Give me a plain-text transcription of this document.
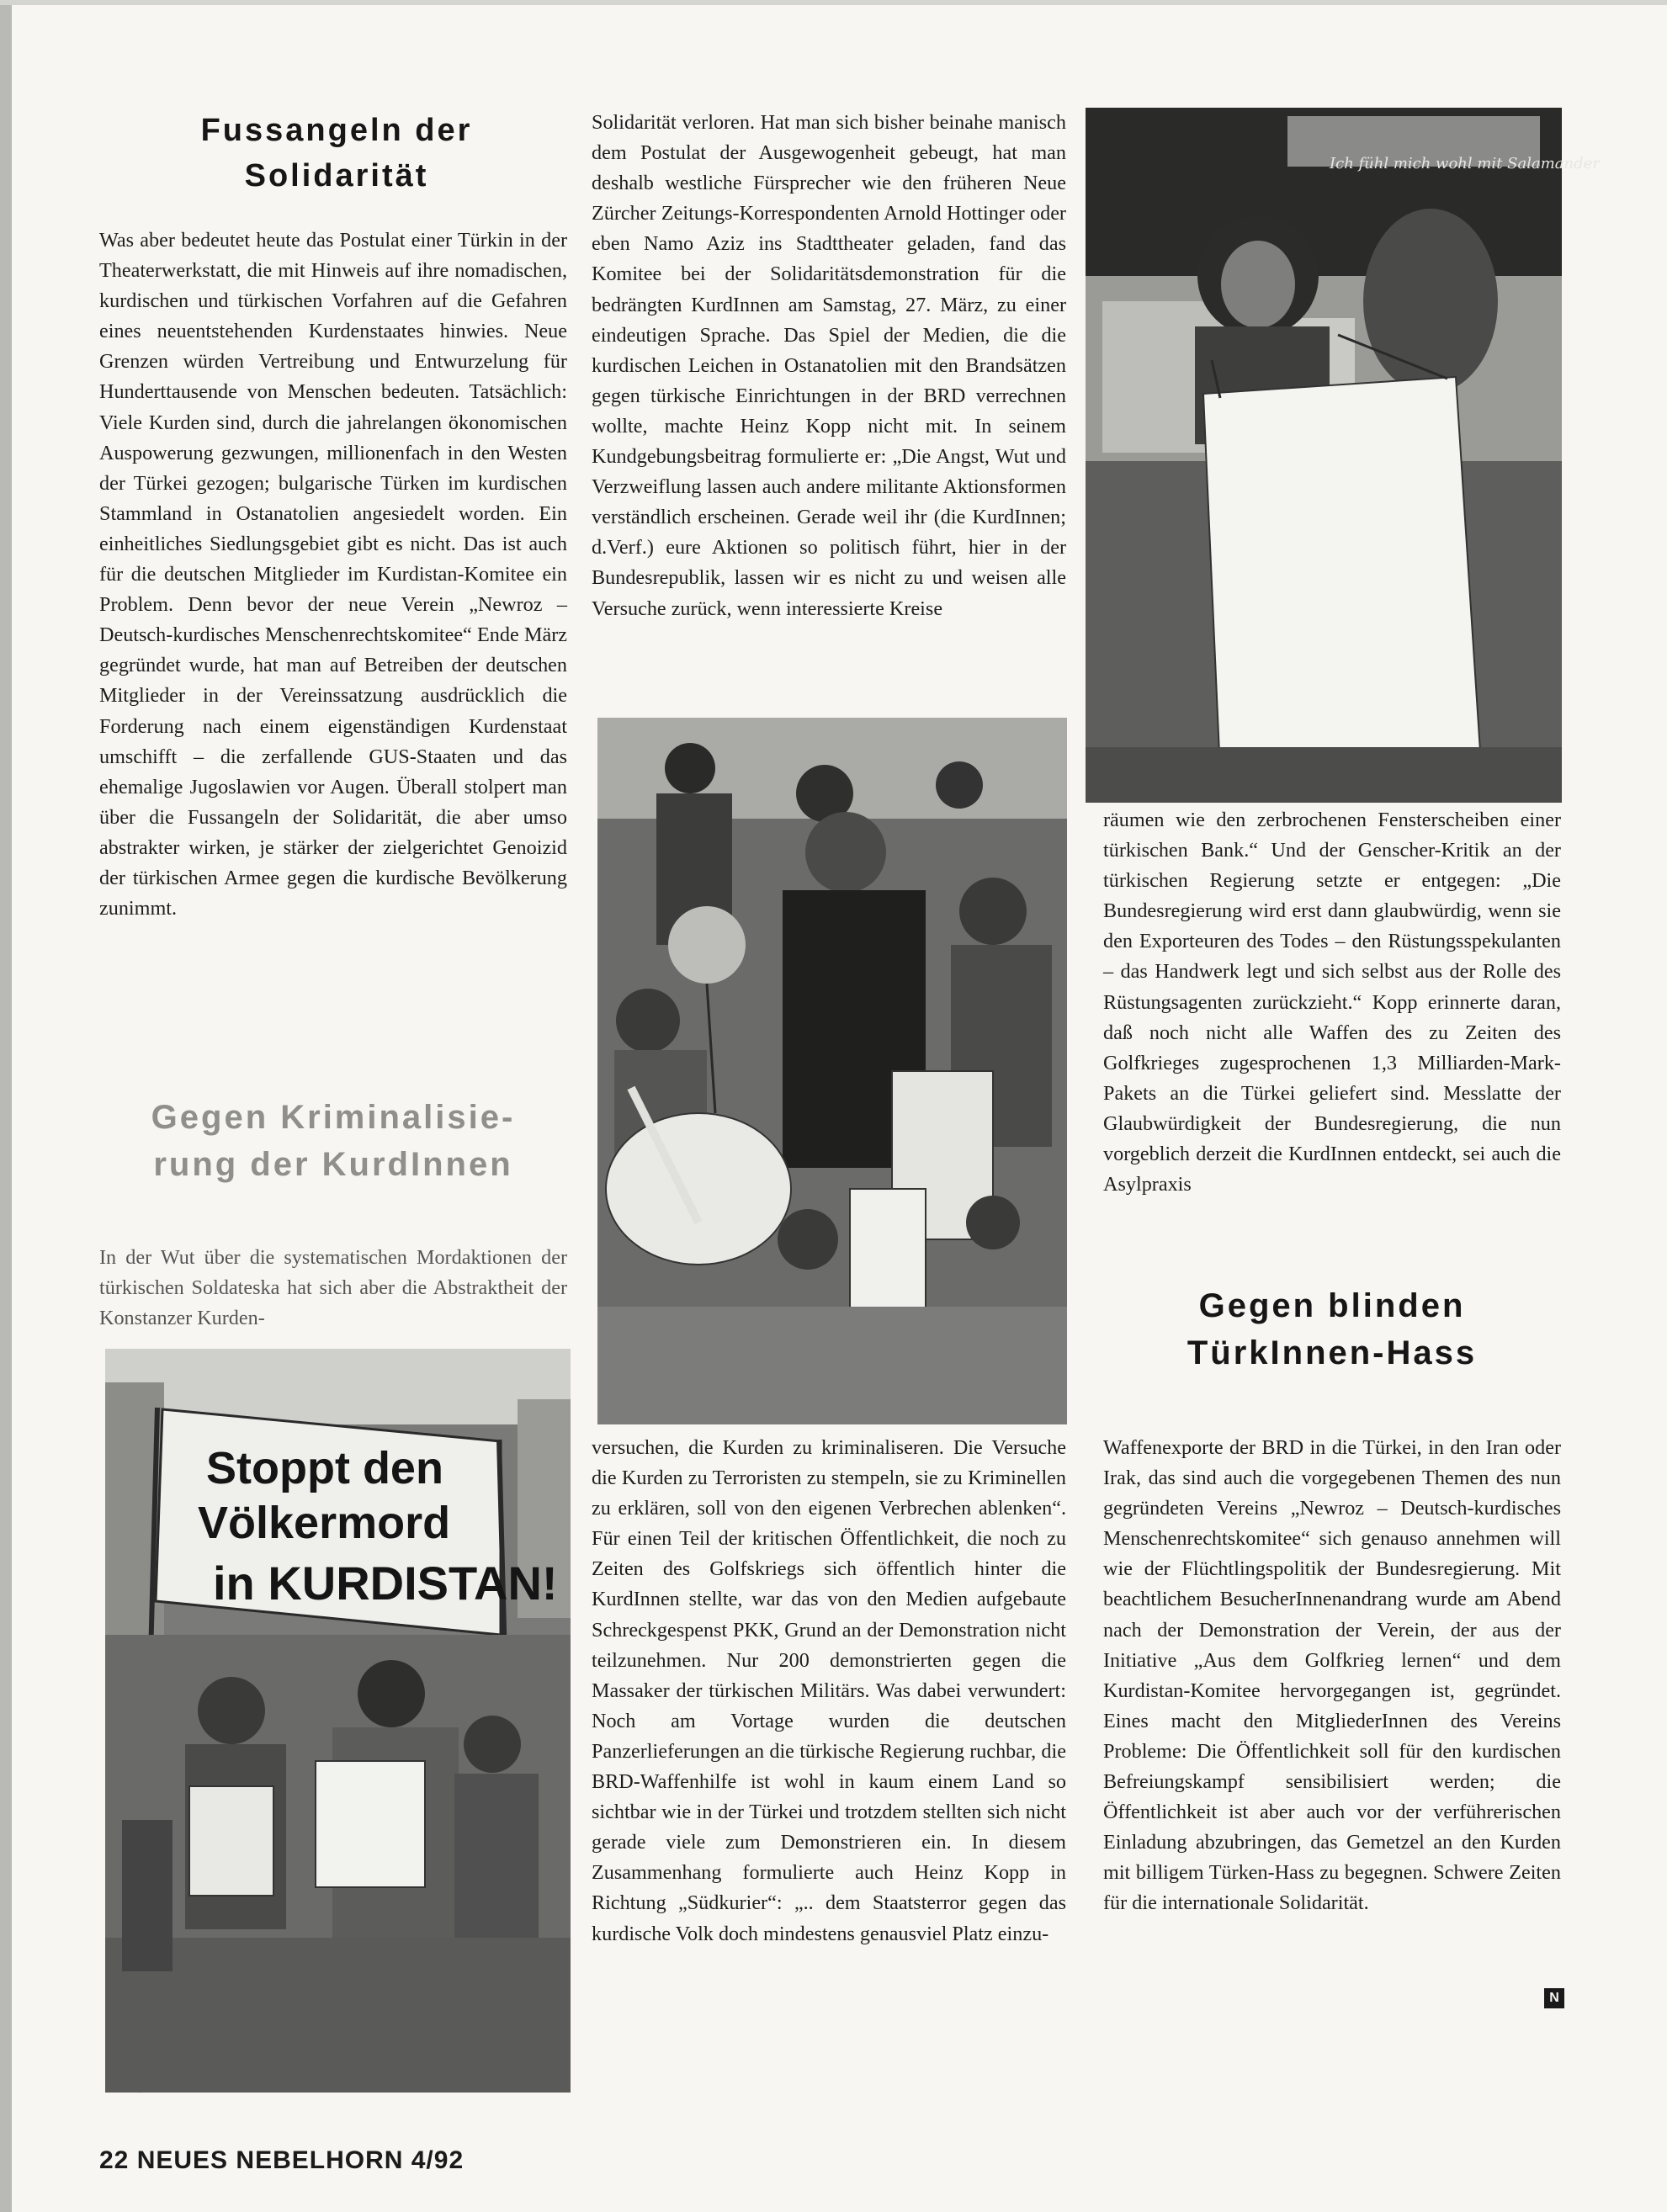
Fussangeln der
Solidarität

Was aber bedeutet heute das Postulat einer Türkin in der Theaterwerkstatt, die mit Hinweis auf ihre nomadischen, kurdischen und türkischen Vorfahren auf die Gefahren eines neuentstehenden Kurdenstaates hinwies. Neue Grenzen würden Vertreibung und Entwurzelung für Hunderttausende von Menschen bedeuten. Tatsächlich: Viele Kurden sind, durch die jahrelangen ökonomischen Auspowerung gezwungen, millionenfach in den Westen der Türkei gezogen; bulgarische Türken im kurdischen Stammland in Ostanatolien angesiedelt worden. Ein einheitliches Siedlungsgebiet gibt es nicht. Das ist auch für die deutschen Mitglieder im Kurdistan-Komitee ein Problem. Denn bevor der neue Verein „Newroz – Deutsch-kurdisches Menschenrechtskomitee“ Ende März gegründet wurde, hat man auf Betreiben der deutschen Mitglieder in der Vereinssatzung ausdrücklich die Forderung nach einem eigenständigen Kurdenstaat umschifft – die zerfallende GUS-Staaten und das ehemalige Jugoslawien vor Augen. Überall stolpert man über die Fussangeln der Solidarität, die aber umso abstrakter wirken, je stärker der zielgerichtet Genoizid der türkischen Armee gegen die kurdische Bevölkerung zunimmt.

Gegen Kriminalisie-
rung der KurdInnen

In der Wut über die systematischen Mordaktionen der türkischen Soldateska hat sich aber die Abstraktheit der Konstanzer Kurden-

Stoppt den
Völkermord
in KURDISTAN!

Solidarität verloren. Hat man sich bisher beinahe manisch dem Postulat der Ausgewogenheit gebeugt, hat man deshalb westliche Fürsprecher wie den früheren Neue Zürcher Zeitungs-Korrespondenten Arnold Hottinger oder eben Namo Aziz ins Stadttheater geladen, fand das Komitee bei der Solidaritätsdemonstration für die bedrängten KurdInnen am Samstag, 27. März, zu einer eindeutigen Sprache. Das Spiel der Medien, die die kurdischen Leichen in Ostanatolien mit den Brandsätzen gegen türkische Einrichtungen in der BRD verrechnen wollte, machte Heinz Kopp nicht mit. In seinem Kundgebungsbeitrag formulierte er: „Die Angst, Wut und Verzweiflung lassen auch andere militante Aktionsformen verständlich erscheinen. Gerade weil ihr (die KurdInnen; d.Verf.) eure Aktionen so politisch führt, hier in der Bundesrepublik, lassen wir es nicht zu und weisen alle Versuche zurück, wenn interessierte Kreise

versuchen, die Kurden zu kriminaliseren. Die Versuche die Kurden zu Terroristen zu stempeln, sie zu Kriminellen zu erklären, soll von den eigenen Verbrechen ablenken“. Für einen Teil der kritischen Öffentlichkeit, die noch zu Zeiten des Golfskriegs sich öffentlich hinter die KurdInnen stellte, war das von den Medien aufgebaute Schreckgespenst PKK, Grund an der Demonstration nicht teilzunehmen. Nur 200 demonstrierten gegen die Massaker der türkischen Militärs. Was dabei verwundert: Noch am Vortage wurden die deutschen Panzerlieferungen an die türkische Regierung ruchbar, die BRD-Waffenhilfe ist wohl in kaum einem Land so sichtbar wie in der Türkei und trotzdem stellten sich nicht gerade viele zum Demonstrieren ein. In diesem Zusammenhang formulierte auch Heinz Kopp in Richtung „Südkurier“: „.. dem Staatsterror gegen das kurdische Volk doch mindestens genausviel Platz einzu-

Ich fühl mich wohl mit Salamander

räumen wie den zerbrochenen Fensterscheiben einer türkischen Bank.“ Und der Genscher-Kritik an der türkischen Regierung setzte er entgegen: „Die Bundesregierung wird erst dann glaubwürdig, wenn sie den Exporteuren des Todes – den Rüstungsspekulanten – das Handwerk legt und sich selbst aus der Rolle des Rüstungsagenten zurückzieht.“ Kopp erinnerte daran, daß noch nicht alle Waffen des zu Zeiten des Golfkrieges zugesprochenen 1,3 Milliarden-Mark-Pakets an die Türkei geliefert sind. Messlatte der Glaubwürdigkeit der Bundesregierung, die nun vorgeblich derzeit die KurdInnen entdeckt, sei auch die Asylpraxis

Gegen blinden
TürkInnen-Hass

Waffenexporte der BRD in die Türkei, in den Iran oder Irak, das sind auch die vorgegebenen Themen des nun gegründeten Vereins „Newroz – Deutsch-kurdisches Menschenrechtskomitee“ sich genauso annehmen will wie der Flüchtlingspolitik der Bundesregierung. Mit beachtlichem BesucherInnenandrang wurde am Abend nach der Demonstration der Verein, der aus der Initiative „Aus dem Golfkrieg lernen“ und dem Kurdistan-Komitee hervorgegangen ist, gegründet. Eines macht den MitgliederInnen des Vereins Probleme: Die Öffentlichkeit soll für den kurdischen Befreiungskampf sensibilisiert werden; die Öffentlichkeit ist aber auch vor der verführerischen Einladung abzubringen, das Gemetzel an den Kurden mit billigem Türken-Hass zu begegnen. Schwere Zeiten für die internationale Solidarität.

N

22 NEUES NEBELHORN 4/92
